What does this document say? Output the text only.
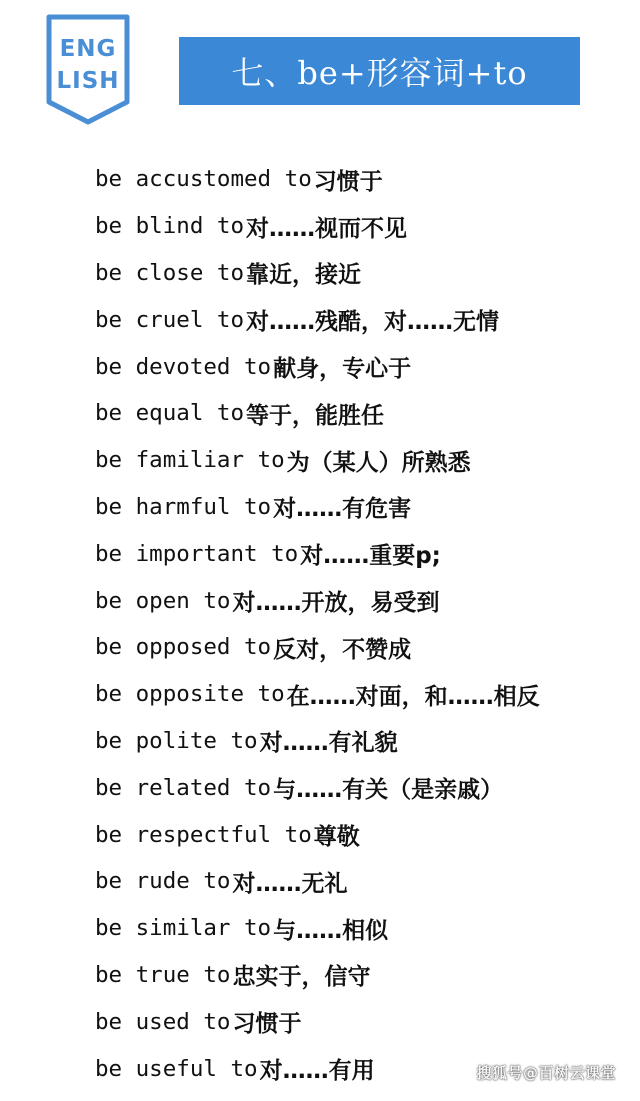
ENG
LISH	七、be+形容词+to
be accustomed to 习惯于
be blind to 对……视而不见
be close to 靠近，接近
be cruel to 对……残酷，对……无情
be devoted to 献身，专心于
be equal to 等于，能胜任
be familiar to 为（某人）所熟悉
be harmful to 对……有危害
be important to 对……重要p;
be open to 对……开放，易受到
be opposed to 反对，不赞成
be opposite to 在……对面，和……相反
be polite to 对……有礼貌
be related to 与……有关（是亲戚）
be respectful to 尊敬
be rude to 对……无礼
be similar to 与……相似
be true to 忠实于，信守
be used to 习惯于
be useful to 对……有用	搜狐号@百树云课堂
